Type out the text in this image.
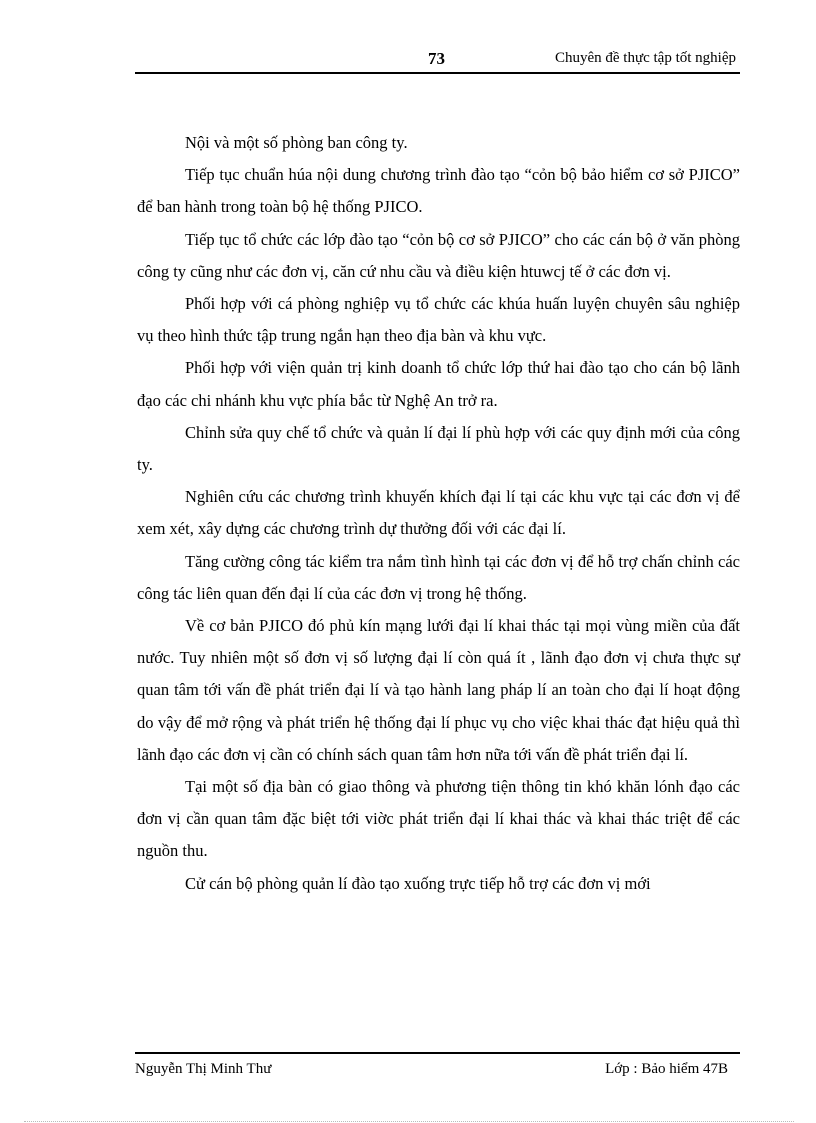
73	Chuyên đề thực tập tốt nghiệp

Nội và một số phòng ban công ty.

Tiếp tục chuẩn húa nội dung chương trình đào tạo “cỏn bộ bảo hiểm cơ sở PJICO” để ban hành trong toàn bộ hệ thống PJICO.

Tiếp tục tổ chức các lớp đào tạo “cỏn bộ cơ sở PJICO” cho các cán bộ ở văn phòng công ty cũng như các đơn vị, căn cứ nhu cầu và điều kiện htuwcj tế ở các đơn vị.

Phối hợp với cá phòng nghiệp vụ tổ chức các khúa huấn luyện chuyên sâu nghiệp vụ theo hình thức tập trung ngắn hạn theo địa bàn và khu vực.

Phối hợp với viện quản trị kinh doanh tổ chức lớp thứ hai đào tạo cho cán bộ lãnh đạo các chi nhánh khu vực phía bắc từ Nghệ An trở ra.

Chỉnh sửa quy chế tổ chức và quản lí đại lí phù hợp với các quy định mới của công ty.

Nghiên cứu các chương trình khuyến khích đại lí tại các khu vực tại các đơn vị để xem xét, xây dựng các chương trình dự thưởng đối với các đại lí.

Tăng cường công tác kiểm tra nắm tình hình tại các đơn vị để hỗ trợ chấn chỉnh các công tác liên quan đến đại lí của các đơn vị trong hệ thống.

Về cơ bản PJICO đó phủ kín mạng lưới đại lí khai thác tại mọi vùng miền của đất nước. Tuy nhiên một số đơn vị số lượng đại lí còn quá ít , lãnh đạo đơn vị chưa thực sự quan tâm tới vấn đề phát triển đại lí và tạo hành lang pháp lí an toàn cho đại lí hoạt động do vậy để mở rộng và phát triển hệ thống đại lí phục vụ cho việc khai thác đạt hiệu quả thì lãnh đạo các đơn vị cần có chính sách quan tâm hơn nữa tới vấn đề phát triển đại lí.

Tại một số địa bàn có giao thông và phương tiện thông tin khó khăn lónh đạo các đơn vị cần quan tâm đặc biệt tới viờc phát triển đại lí khai thác và khai thác triệt để các nguồn thu.

Cử cán bộ phòng quản lí đào tạo xuống trực tiếp hỗ trợ các đơn vị mới

Nguyễn Thị Minh Thư	Lớp : Bảo hiểm 47B
